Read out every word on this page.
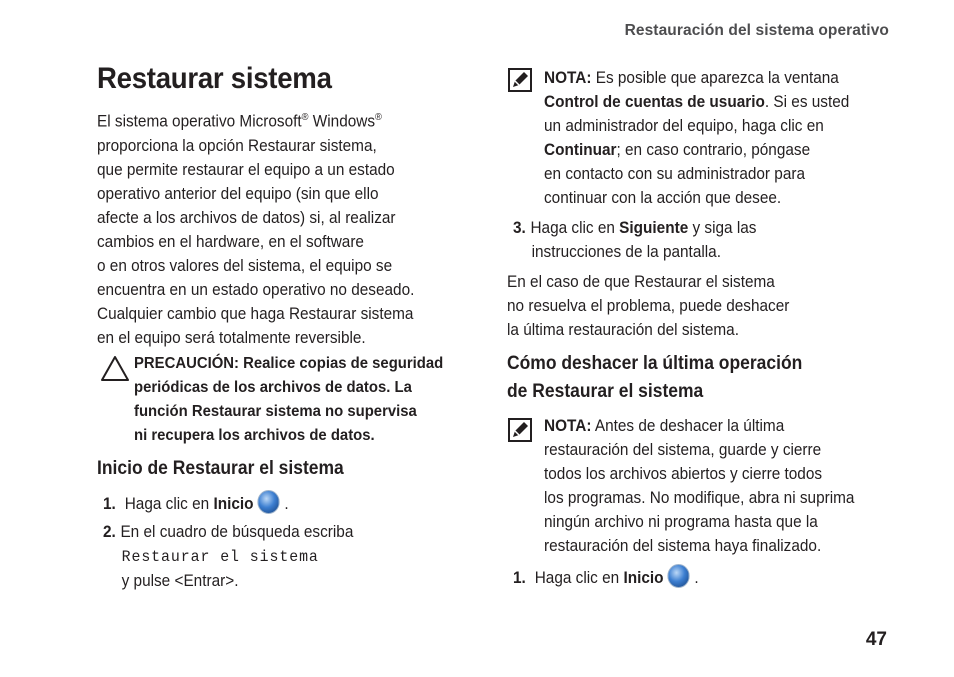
Restauración del sistema operativo
Restaurar sistema
El sistema operativo Microsoft® Windows®
proporciona la opción Restaurar sistema,
que permite restaurar el equipo a un estado
operativo anterior del equipo (sin que ello
afecte a los archivos de datos) si, al realizar
cambios en el hardware, en el software
o en otros valores del sistema, el equipo se
encuentra en un estado operativo no deseado.
Cualquier cambio que haga Restaurar sistema
en el equipo será totalmente reversible.
PRECAUCIÓN: Realice copias de seguridad
periódicas de los archivos de datos. La
función Restaurar sistema no supervisa
ni recupera los archivos de datos.
Inicio de Restaurar el sistema
1. Haga clic en Inicio  .
2. En el cuadro de búsqueda escriba
Restaurar el sistema
y pulse <Entrar>.
NOTA: Es posible que aparezca la ventana
Control de cuentas de usuario. Si es usted
un administrador del equipo, haga clic en
Continuar; en caso contrario, póngase
en contacto con su administrador para
continuar con la acción que desee.
3. Haga clic en Siguiente y siga las
instrucciones de la pantalla.
En el caso de que Restaurar el sistema
no resuelva el problema, puede deshacer
la última restauración del sistema.
Cómo deshacer la última operación
de Restaurar el sistema
NOTA: Antes de deshacer la última
restauración del sistema, guarde y cierre
todos los archivos abiertos y cierre todos
los programas. No modifique, abra ni suprima
ningún archivo ni programa hasta que la
restauración del sistema haya finalizado.
1. Haga clic en Inicio  .
47
